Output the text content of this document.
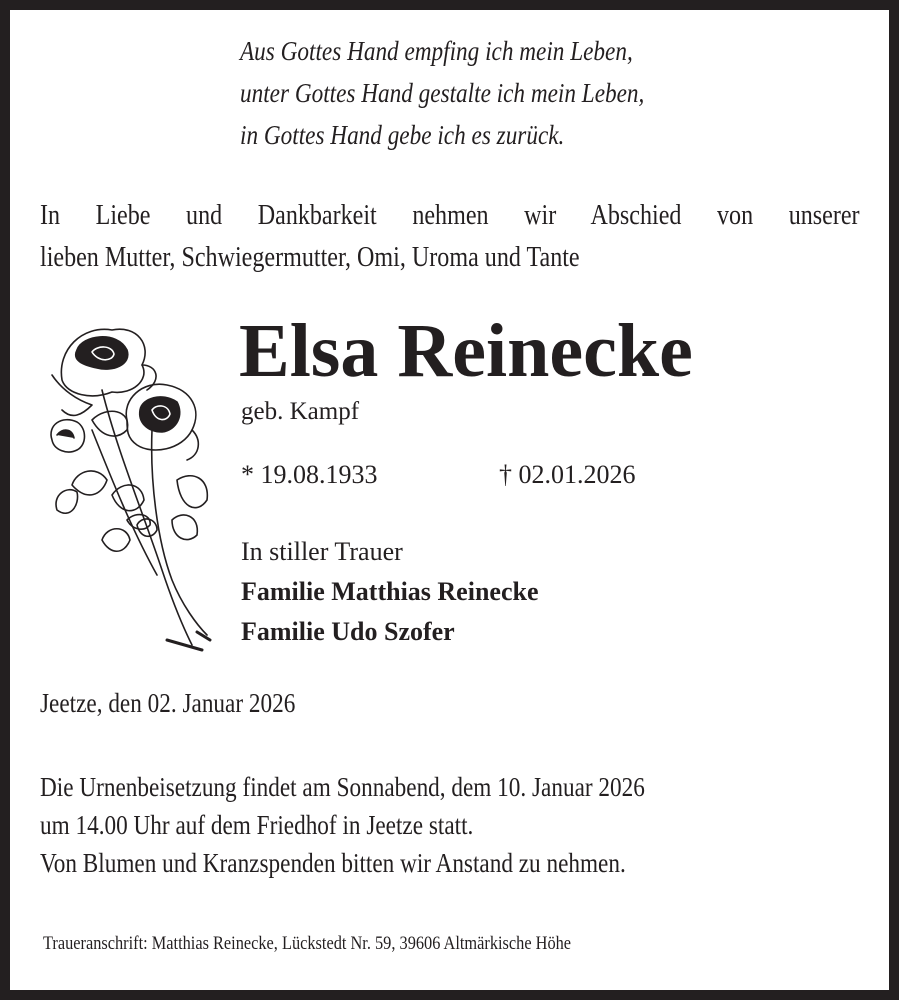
Aus Gottes Hand empfing ich mein Leben,
unter Gottes Hand gestalte ich mein Leben,
in Gottes Hand gebe ich es zurück.
In Liebe und Dankbarkeit nehmen wir Abschied von unserer
lieben Mutter, Schwiegermutter, Omi, Uroma und Tante
Elsa Reinecke
geb. Kampf
* 19.08.1933	† 02.01.2026
In stiller Trauer
Familie Matthias Reinecke
Familie Udo Szofer
Jeetze, den 02. Januar 2026
Die Urnenbeisetzung findet am Sonnabend, dem 10. Januar 2026
um 14.00 Uhr auf dem Friedhof in Jeetze statt.
Von Blumen und Kranzspenden bitten wir Anstand zu nehmen.
Traueranschrift: Matthias Reinecke, Lückstedt Nr. 59, 39606 Altmärkische Höhe
